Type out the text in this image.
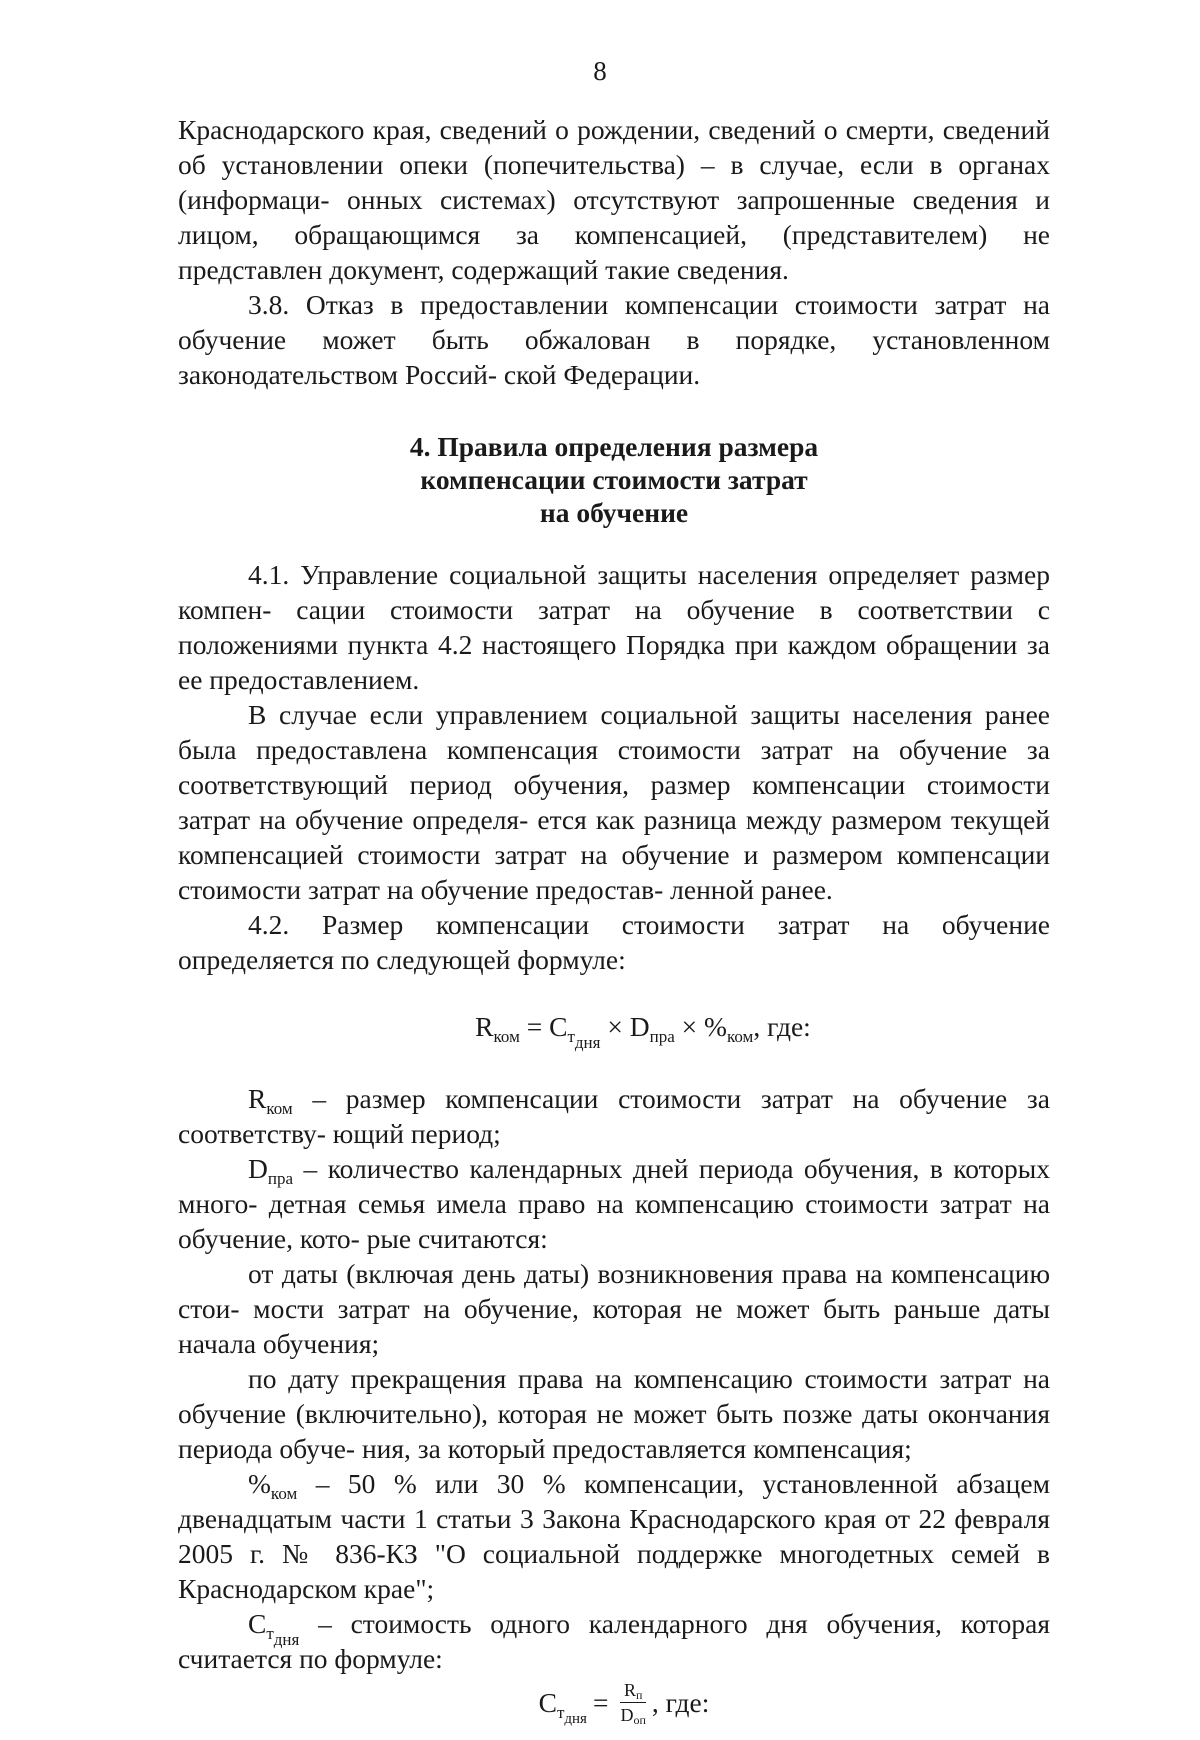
8

Краснодарского края, сведений о рождении, сведений о смерти, сведений об установлении опеки (попечительства) – в случае, если в органах (информаци- онных системах) отсутствуют запрошенные сведения и лицом, обращающимся за компенсацией, (представителем) не представлен документ, содержащий такие сведения.

3.8. Отказ в предоставлении компенсации стоимости затрат на обучение может быть обжалован в порядке, установленном законодательством Россий- ской Федерации.

4. Правила определения размера
компенсации стоимости затрат
на обучение

4.1. Управление социальной защиты населения определяет размер компен- сации стоимости затрат на обучение в соответствии с положениями пункта 4.2 настоящего Порядка при каждом обращении за ее предоставлением.

В случае если управлением социальной защиты населения ранее была предоставлена компенсация стоимости затрат на обучение за соответствующий период обучения, размер компенсации стоимости затрат на обучение определя- ется как разница между размером текущей компенсацией стоимости затрат на обучение и размером компенсации стоимости затрат на обучение предостав- ленной ранее.

4.2. Размер компенсации стоимости затрат на обучение определяется по следующей формуле:

$R_{ком} = C_{т_{дня}} \times D_{пра} \times \%_{ком}$, где:

$R_{ком}$ – размер компенсации стоимости затрат на обучение за соответству- ющий период;

$D_{пра}$ – количество календарных дней периода обучения, в которых много- детная семья имела право на компенсацию стоимости затрат на обучение, кото- рые считаются:

от даты (включая день даты) возникновения права на компенсацию стои- мости затрат на обучение, которая не может быть раньше даты начала обучения;

по дату прекращения права на компенсацию стоимости затрат на обучение (включительно), которая не может быть позже даты окончания периода обуче- ния, за который предоставляется компенсация;

$\%_{ком} - 50$ % или 30 % компенсации, установленной абзацем двенадцатым части 1 статьи 3 Закона Краснодарского края от 22 февраля 2005 г. № 836-КЗ "О социальной поддержке многодетных семей в Краснодарском крае";

$C_{т_{дня}}$ – стоимость одного календарного дня обучения, которая считается по формуле:

$C_{т_{дня}}$
= $\frac{R_п}{D_{оп}}$ , где:
